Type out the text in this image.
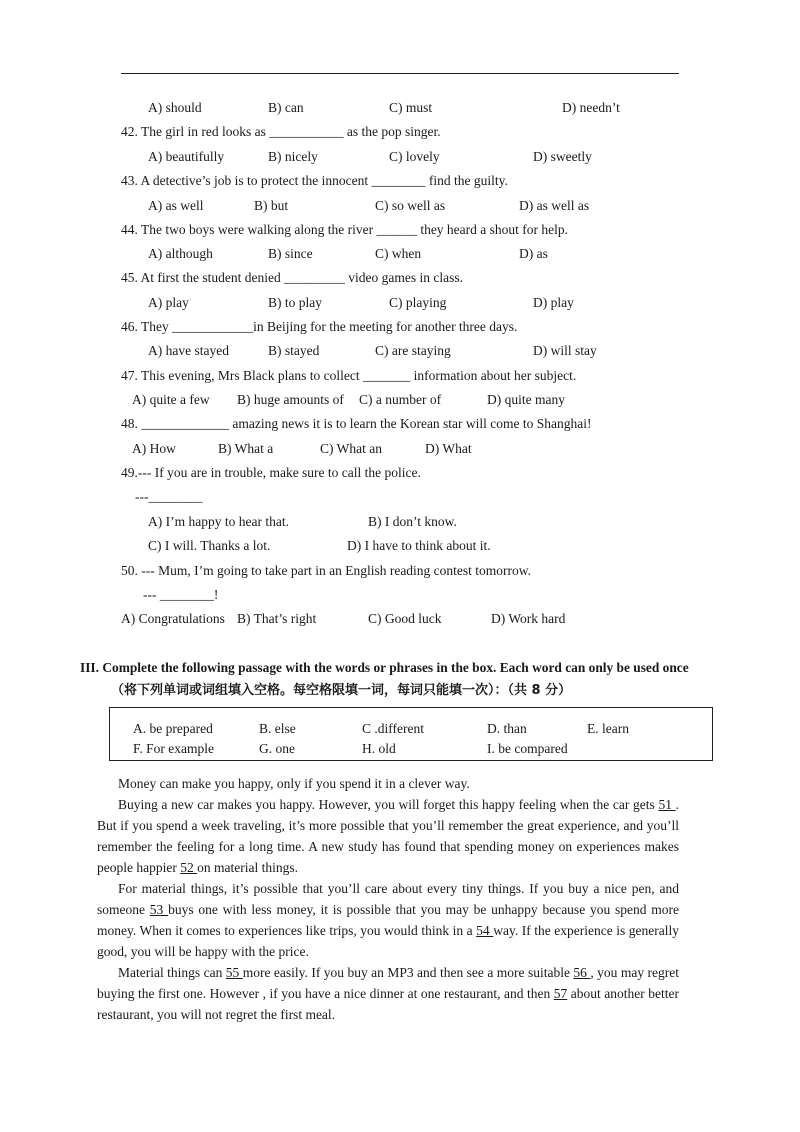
A) should	B) can	C) must	D) needn’t
42. The girl in red looks as ___________ as the pop singer.
A) beautifully	B) nicely	C) lovely	D) sweetly
43. A detective’s job is to protect the innocent ________ find the guilty.
A) as well	B) but	C) so well as	D) as well as
44. The two boys were walking along the river ______ they heard a shout for help.
A) although	B) since	C) when	D) as
45. At first the student denied _________ video games in class.
A) play	B) to play	C) playing	D) play
46. They ____________in Beijing for the meeting for another three days.
A) have stayed	B) stayed	C) are staying	D) will stay
47. This evening, Mrs Black plans to collect _______ information about her subject.
A) quite a few B) huge amounts of C) a number of	D) quite many
48. _____________ amazing news it is to learn the Korean star will come to Shanghai!
A) How	B) What a	C) What an	D) What
49.--- If you are in trouble, make sure to call the police.
---________
A) I’m happy to hear that.	B) I don’t know.
C) I will. Thanks a lot.	D) I have to think about it.
50. --- Mum, I’m going to take part in an English reading contest tomorrow.
--- ________!
A) Congratulations B) That’s right	C) Good luck	D) Work hard
III. Complete the following passage with the words or phrases in the box. Each word can only be used once
（将下列单词或词组填入空格。每空格限填一词，每词只能填一次）：（共 8 分）
A. be prepared	B. else	C .different	D. than	E. learn
F. For example	G. one	H. old	I. be compared

Money can make you happy, only if you spend it in a clever way.

Buying a new car makes you happy. However, you will forget this happy feeling when the car gets 51 . But if you spend a week traveling, it’s more possible that you’ll remember the great experience, and you’ll remember the feeling for a long time. A new study has found that spending money on experiences makes people happier 52 on material things.

For material things, it’s possible that you’ll care about every tiny things. If you buy a nice pen, and someone 53 buys one with less money, it is possible that you may be unhappy because you spend more money. When it comes to experiences like trips, you would think in a 54 way. If the experience is generally good, you will be happy with the price.

Material things can 55 more easily. If you buy an MP3 and then see a more suitable 56 , you may regret buying the first one. However , if you have a nice dinner at one restaurant, and then 57 about another better restaurant, you will not regret the first meal.
